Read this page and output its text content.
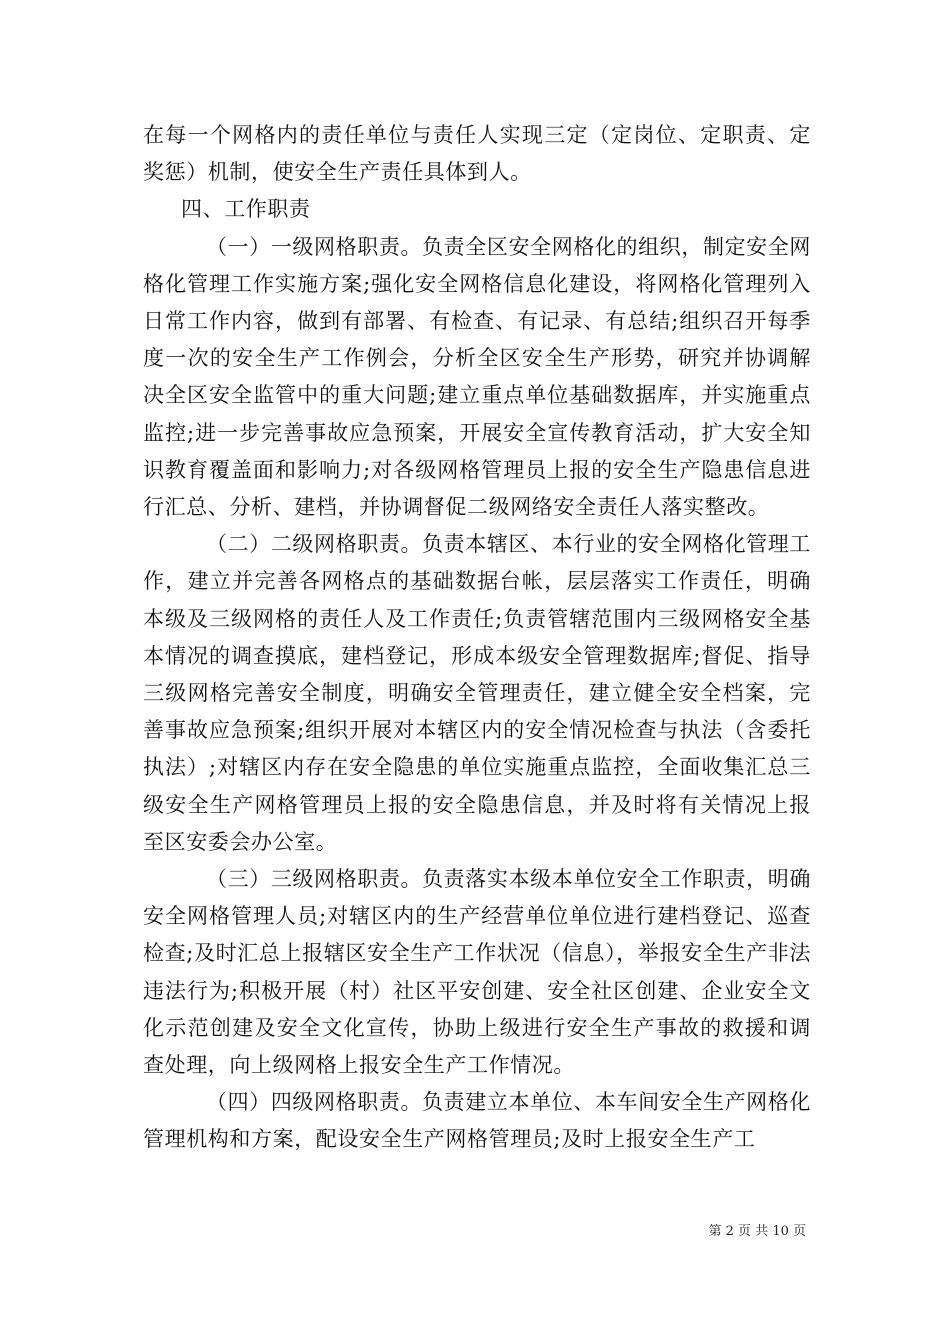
在每一个网格内的责任单位与责任人实现三定（定岗位、定职责、定奖惩）机制，使安全生产责任具体到人。

四、工作职责

（一）一级网格职责。负责全区安全网格化的组织，制定安全网格化管理工作实施方案;强化安全网格信息化建设，将网格化管理列入日常工作内容，做到有部署、有检查、有记录、有总结;组织召开每季度一次的安全生产工作例会，分析全区安全生产形势，研究并协调解决全区安全监管中的重大问题;建立重点单位基础数据库，并实施重点监控;进一步完善事故应急预案，开展安全宣传教育活动，扩大安全知识教育覆盖面和影响力;对各级网格管理员上报的安全生产隐患信息进行汇总、分析、建档，并协调督促二级网络安全责任人落实整改。

（二）二级网格职责。负责本辖区、本行业的安全网格化管理工作，建立并完善各网格点的基础数据台帐，层层落实工作责任，明确本级及三级网格的责任人及工作责任;负责管辖范围内三级网格安全基本情况的调查摸底，建档登记，形成本级安全管理数据库;督促、指导三级网格完善安全制度，明确安全管理责任，建立健全安全档案，完善事故应急预案;组织开展对本辖区内的安全情况检查与执法（含委托执法）;对辖区内存在安全隐患的单位实施重点监控，全面收集汇总三级安全生产网格管理员上报的安全隐患信息，并及时将有关情况上报至区安委会办公室。

（三）三级网格职责。负责落实本级本单位安全工作职责，明确安全网格管理人员;对辖区内的生产经营单位单位进行建档登记、巡查检查;及时汇总上报辖区安全生产工作状况（信息），举报安全生产非法违法行为;积极开展（村）社区平安创建、安全社区创建、企业安全文化示范创建及安全文化宣传，协助上级进行安全生产事故的救援和调查处理，向上级网格上报安全生产工作情况。

（四）四级网格职责。负责建立本单位、本车间安全生产网格化管理机构和方案，配设安全生产网格管理员;及时上报安全生产工

第 2 页 共 10 页
